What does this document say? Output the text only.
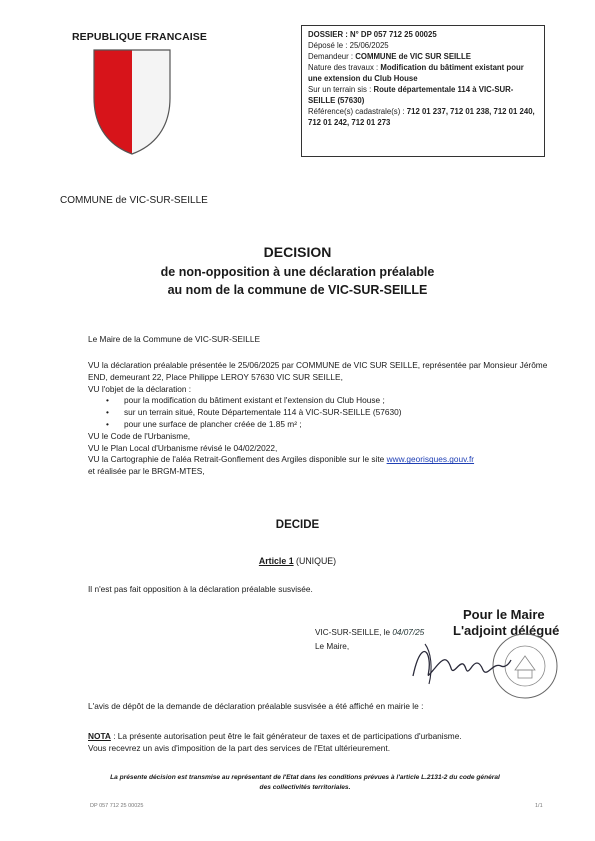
REPUBLIQUE FRANCAISE	DOSSIER : N° DP 057 712 25 00025

Déposé le : 25/06/2025

Demandeur : COMMUNE de VIC SUR SEILLE

Nature des travaux : Modification du bâtiment existant pour une extension du Club House

Sur un terrain sis : Route départementale 114 à VIC-SUR-SEILLE (57630)

Référence(s) cadastrale(s) : 712 01 237, 712 01 238, 712 01 240, 712 01 242, 712 01 273

COMMUNE de VIC-SUR-SEILLE
DECISION
de non-opposition à une déclaration préalable
au nom de la commune de VIC-SUR-SEILLE
Le Maire de la Commune de VIC-SUR-SEILLE

VU la déclaration préalable présentée le 25/06/2025 par COMMUNE de VIC SUR SEILLE, représentée par Monsieur Jérôme END, demeurant 22, Place Philippe LEROY 57630 VIC SUR SEILLE,

VU l'objet de la déclaration :

• pour la modification du bâtiment existant et l'extension du Club House ;
• sur un terrain situé, Route Départementale 114 à VIC-SUR-SEILLE (57630)
• pour une surface de plancher créée de 1.85 m² ;

VU le Code de l'Urbanisme,

VU le Plan Local d'Urbanisme révisé le 04/02/2022,

VU la Cartographie de l'aléa Retrait-Gonflement des Argiles disponible sur le site www.georisques.gouv.fr

et réalisée par le BRGM-MTES,

DECIDE
Article 1 (UNIQUE)
Il n'est pas fait opposition à la déclaration préalable susvisée.
Pour le Maire
L'adjoint délégué
VIC-SUR-SEILLE, le 04/07/25
Le Maire,
L'avis de dépôt de la demande de déclaration préalable susvisée a été affiché en mairie le :

NOTA : La présente autorisation peut être le fait générateur de taxes et de participations d'urbanisme.

Vous recevrez un avis d'imposition de la part des services de l'Etat ultérieurement.

La présente décision est transmise au représentant de l'Etat dans les conditions prévues à l'article L.2131-2 du code général
des collectivités territoriales.
DP 057 712 25 00025	1/1
